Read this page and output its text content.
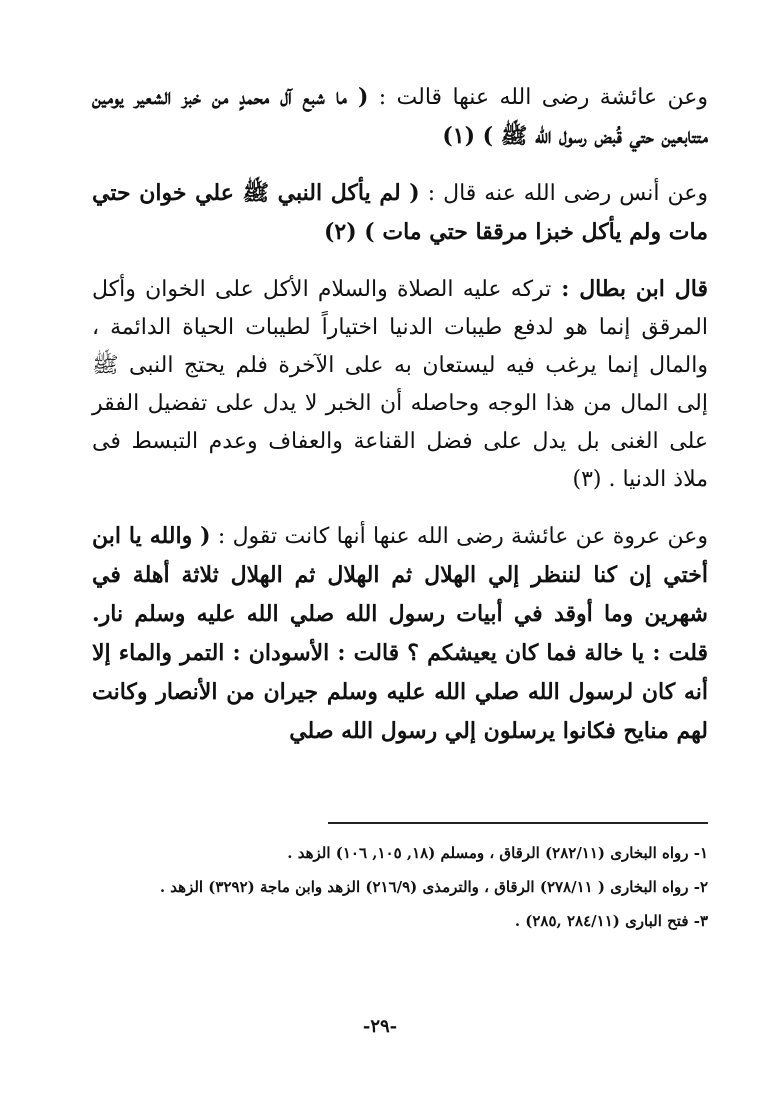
وعن عائشة رضى الله عنها قالت : ( ما شبع آل محمدٍ من خبز الشعير يومين متتابعين حتي قُبض رسول الله ﷺ ) (١)

وعن أنس رضى الله عنه قال : ( لم يأكل النبي ﷺ علي خوان حتي مات ولم يأكل خبزا مرققا حتي مات ) (٢)

قال ابن بطال : تركه عليه الصلاة والسلام الأكل على الخوان وأكل المرقق إنما هو لدفع طيبات الدنيا اختياراً لطيبات الحياة الدائمة ، والمال إنما يرغب فيه ليستعان به على الآخرة فلم يحتج النبى ﷺ إلى المال من هذا الوجه وحاصله أن الخبر لا يدل على تفضيل الفقر على الغنى بل يدل على فضل القناعة والعفاف وعدم التبسط فى ملاذ الدنيا . (٣)

وعن عروة عن عائشة رضى الله عنها أنها كانت تقول : ( والله يا ابن أختي إن كنا لننظر إلي الهلال ثم الهلال ثم الهلال ثلاثة أهلة في شهرين وما أوقد في أبيات رسول الله صلي الله عليه وسلم نار. قلت : يا خالة فما كان يعيشكم ؟ قالت : الأسودان : التمر والماء إلا أنه كان لرسول الله صلي الله عليه وسلم جيران من الأنصار وكانت لهم منايح فكانوا يرسلون إلي رسول الله صلي

١- رواه البخارى (٢٨٢/١١) الرقاق ، ومسلم (١٨, ١٠٥, ١٠٦) الزهد .

٢- رواه البخارى ( ٢٧٨/١١) الرقاق ، والترمذى (٢١٦/٩) الزهد وابن ماجة (٣٢٩٢) الزهد .

٣- فتح البارى (٢٨٤/١١ ,٢٨٥) .

-٢٩-
